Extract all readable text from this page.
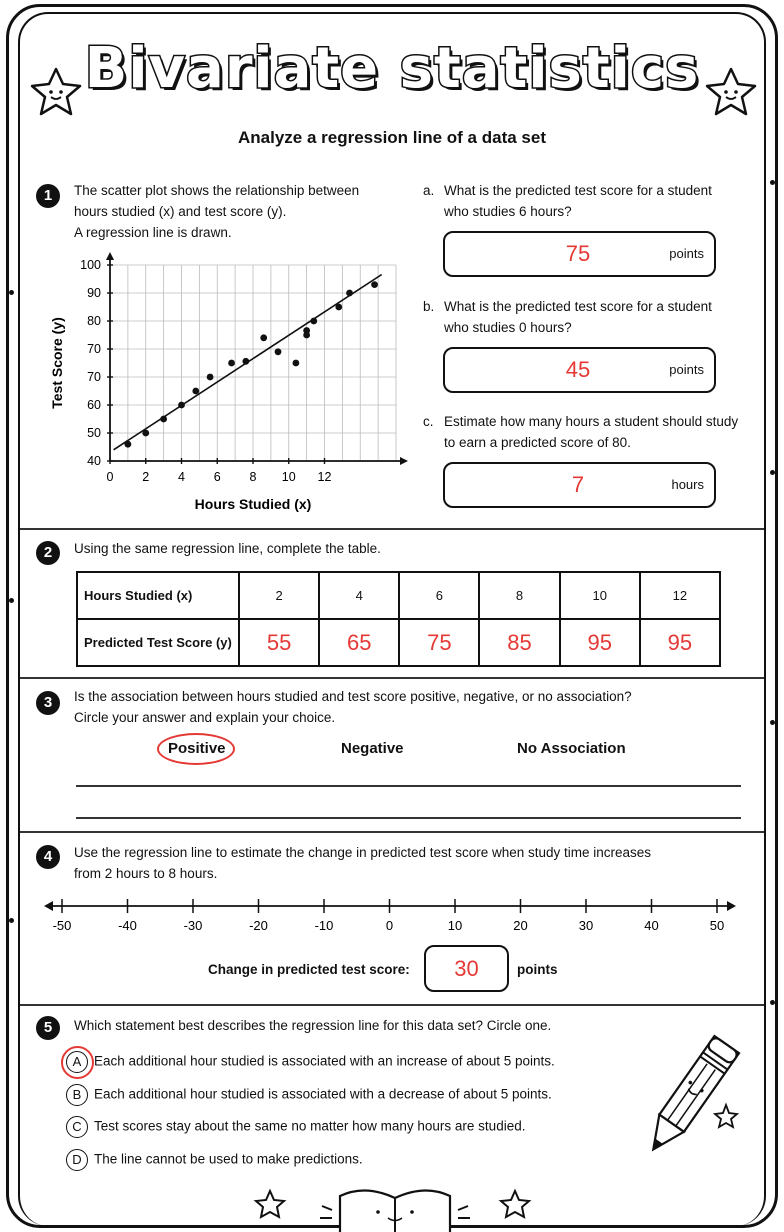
Bivariate statistics
Analyze a regression line of a data set
1	The scatter plot shows the relationship between
hours studied (x) and test score (y).
A regression line is drawn.
0 2 4 6 8 10 12
40
50
60
70
70
80
90
100
Hours Studied (x)
Test Score (y)
a. What is the predicted test score for a student
who studies 6 hours?
75	points
b. What is the predicted test score for a student
who studies 0 hours?
45	points
c. Estimate how many hours a student should study
to earn a predicted score of 80.
7	hours
2	Using the same regression line, complete the table.
Hours Studied (x)	2	4	6	8	10	12
Predicted Test Score (y)	55	65	75	85	95	95
3	Is the association between hours studied and test score positive, negative, or no association?
Circle your answer and explain your choice.
Positive	Negative	No Association
4	Use the regression line to estimate the change in predicted test score when study time increases
from 2 hours to 8 hours.
-50	-40	-30	-20	-10	0	10	20	30	40	50
Change in predicted test score:	30	points
5	Which statement best describes the regression line for this data set? Circle one.
A Each additional hour studied is associated with an increase of about 5 points.
B Each additional hour studied is associated with a decrease of about 5 points.
C Test scores stay about the same no matter how many hours are studied.
D The line cannot be used to make predictions.
